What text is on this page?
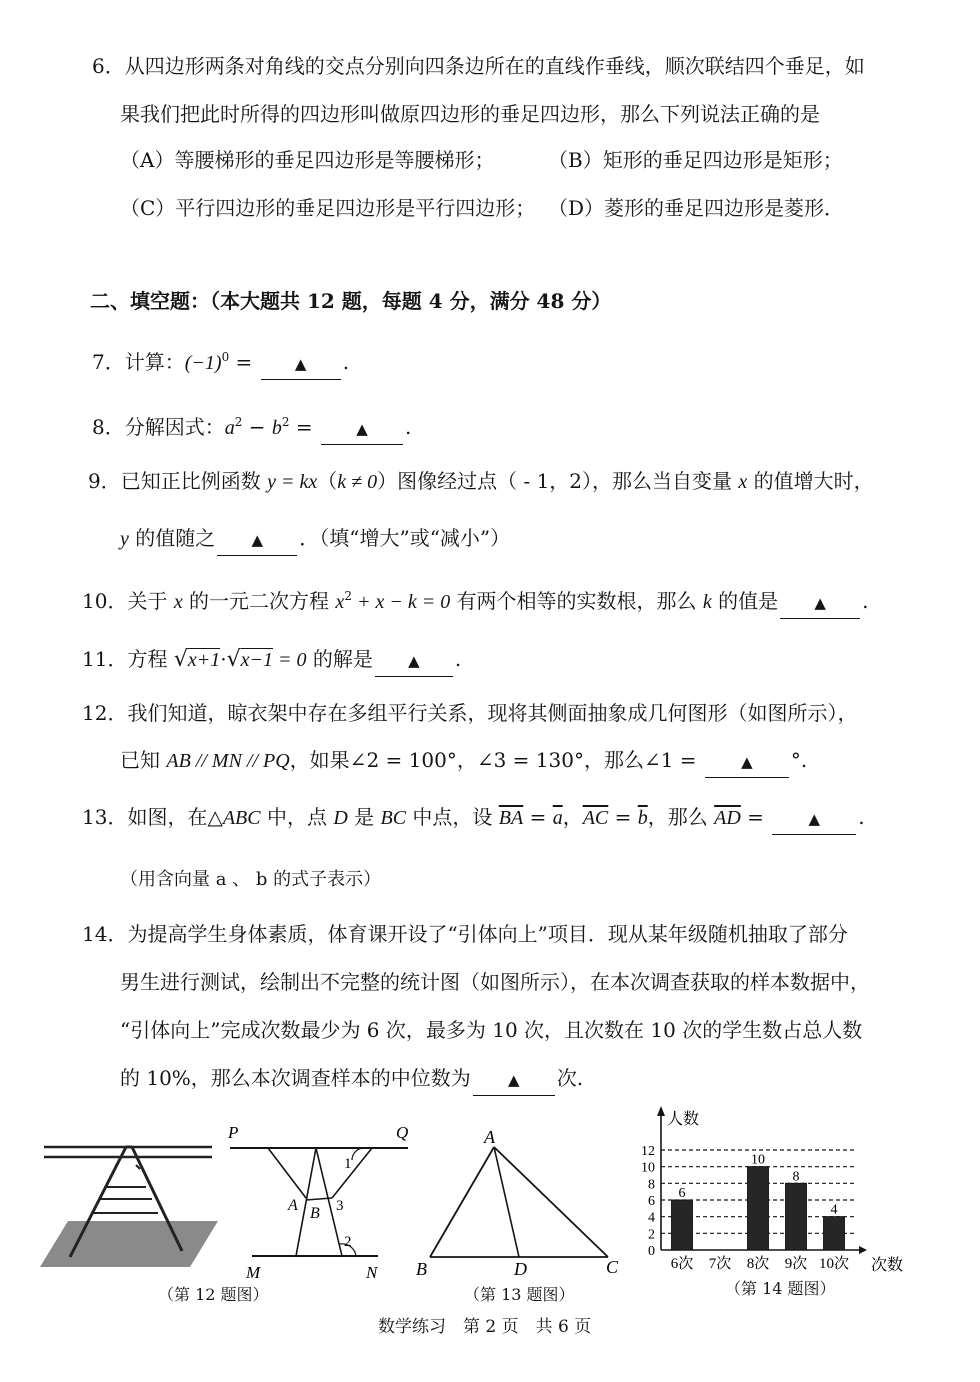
6．从四边形两条对角线的交点分别向四条边所在的直线作垂线，顺次联结四个垂足，如
果我们把此时所得的四边形叫做原四边形的垂足四边形，那么下列说法正确的是
（A）等腰梯形的垂足四边形是等腰梯形；	（B）矩形的垂足四边形是矩形；
（C）平行四边形的垂足四边形是平行四边形； （D）菱形的垂足四边形是菱形．
二、填空题：（本大题共 12 题，每题 4 分，满分 48 分）
7．计算：$(-1)^0$ = ▲ .
8．分解因式：$a^2 - b^2$ = ▲ .
9．已知正比例函数 y = kx（k ≠ 0）图像经过点（ - 1，2），那么当自变量 x 的值增大时，
y 的值随之 ▲ ．（填“增大”或“减小”）
10．关于 x 的一元二次方程 $x^2 + x - k = 0$ 有两个相等的实数根，那么 k 的值是 ▲ .
11．方程 √x+1·√x−1 = 0 的解是 ▲ .
12．我们知道，晾衣架中存在多组平行关系，现将其侧面抽象成几何图形（如图所示），
已知 AB // MN // PQ，如果∠2 = 100°，∠3 = 130°，那么∠1 =	▲ °.
13．如图，在△ABC 中，点 D 是 BC 中点，设 $\overline{BA} = \overline{a}$，$\overline{AC} = \overline{b}$，那么 $\overline{AD}$ =	▲ .
（用含向量 a 、 b 的式子表示）
14．为提高学生身体素质，体育课开设了“引体向上”项目．现从某年级随机抽取了部分
男生进行测试，绘制出不完整的统计图（如图所示），在本次调查获取的样本数据中，
“引体向上”完成次数最少为 6 次，最多为 10 次，且次数在 10 次的学生数占总人数
的 10%，那么本次调查样本的中位数为 ▲ 次.
（第 12 题图）
P	Q
A B
M	N
1
2
3
A
B	C
D
（第 13 题图）
人数
次数
0
2
4
6
8
10
12
6
6次 7次
10
8次
8
9次
4
10次
（第 14 题图）
数学练习　第 2 页　共 6 页
